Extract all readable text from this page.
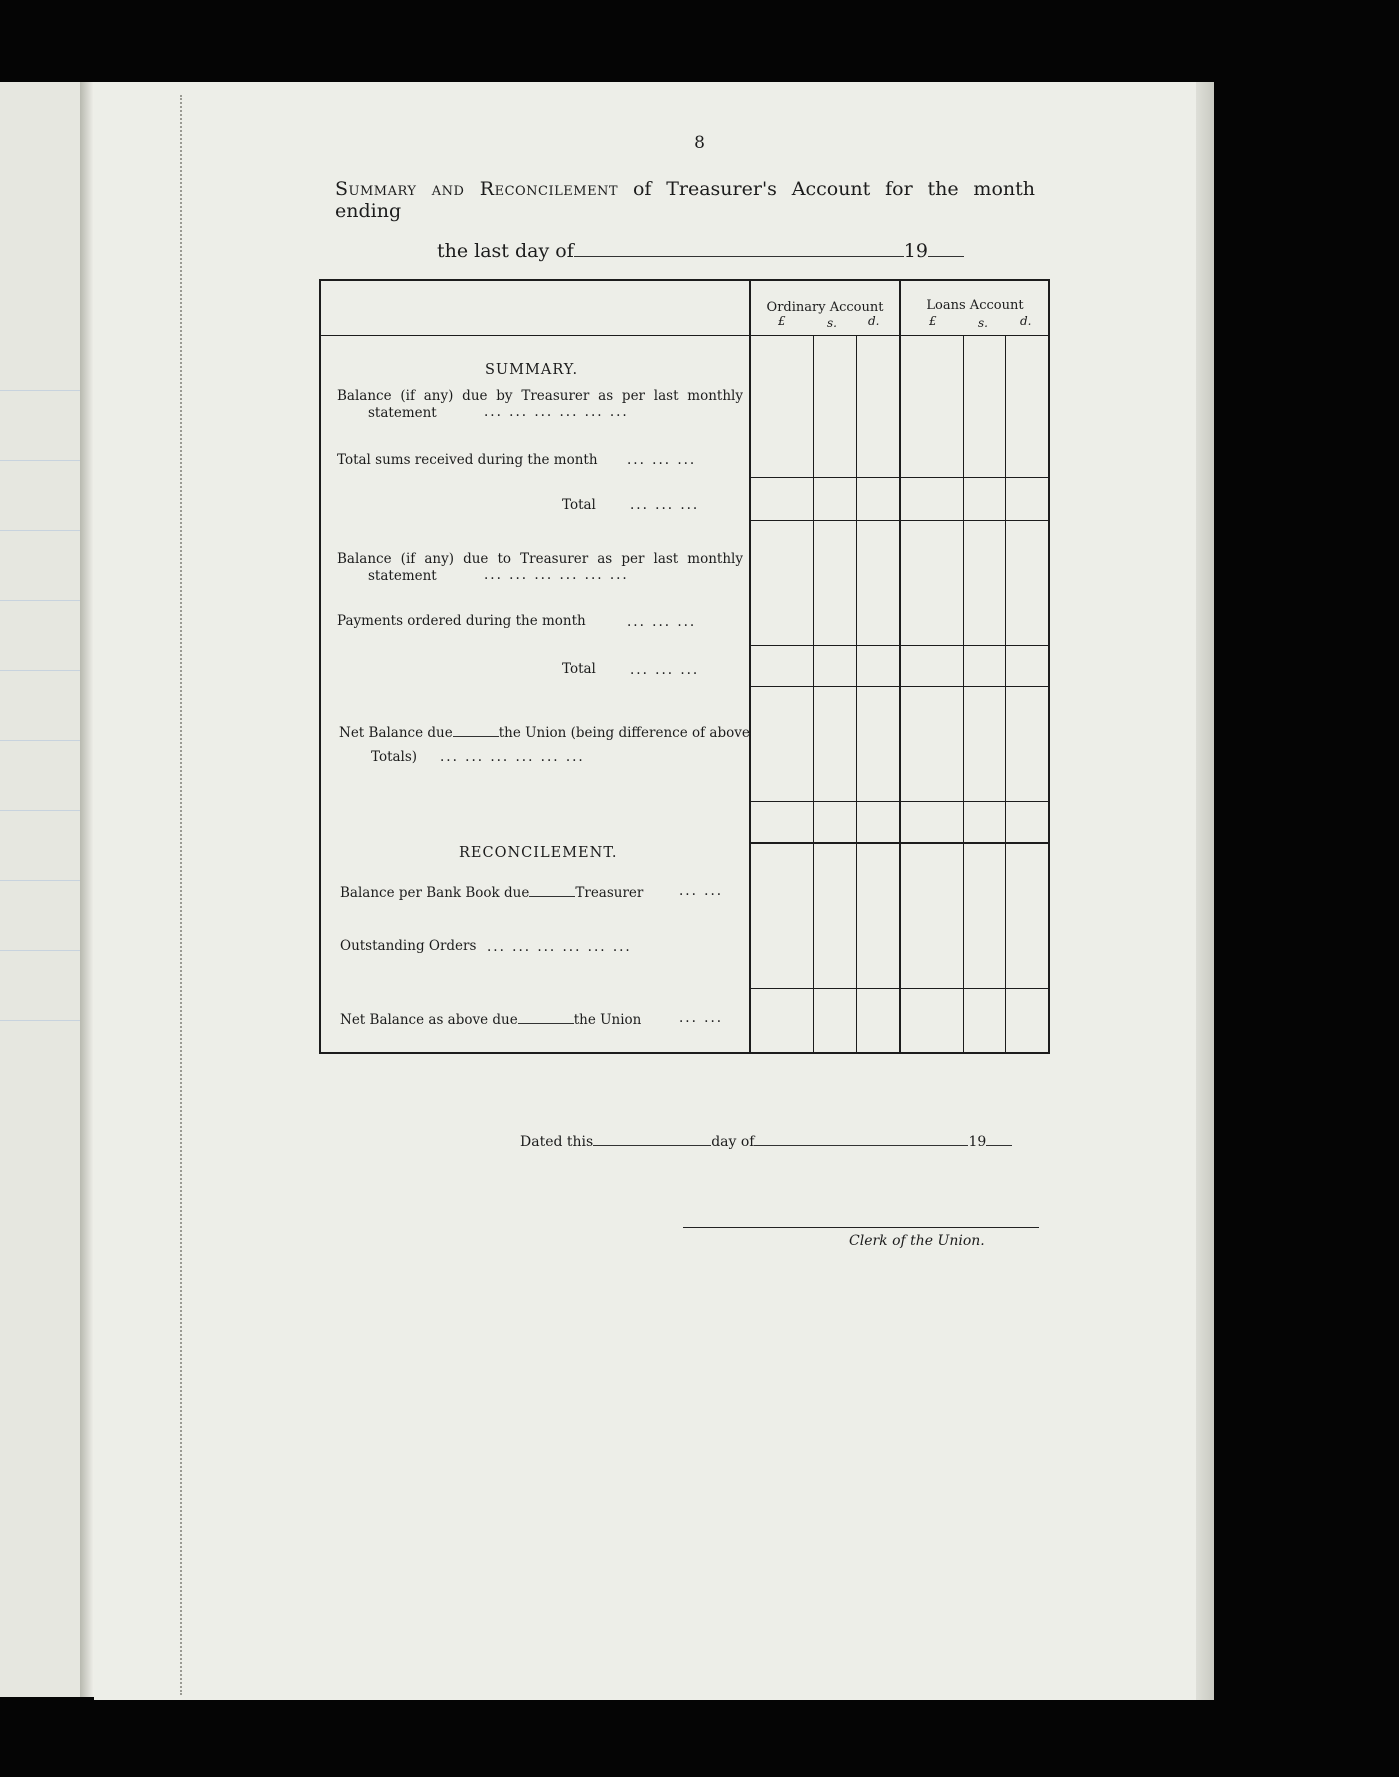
8
Summary and Reconcilement of Treasurer's Account for the month ending
the last day of	19
Ordinary Account	Loans Account
£	s.	d.	£	s.	d.
SUMMARY.
Balance (if any) due by Treasurer as per last monthly
statement	... ... ... ... ... ...
Total sums received during the month ... ... ...
Total	... ... ...
Balance (if any) due to Treasurer as per last monthly
statement	... ... ... ... ... ...
Payments ordered during the month	... ... ...
Total	... ... ...
Net Balance due	the Union (being difference of above
Totals) ... ... ... ... ... ...
RECONCILEMENT.
Balance per Bank Book due	Treasurer	... ...
Outstanding Orders ... ... ... ... ... ...
Net Balance as above due	the Union	... ...
Dated this	day of	19
Clerk of the Union.
